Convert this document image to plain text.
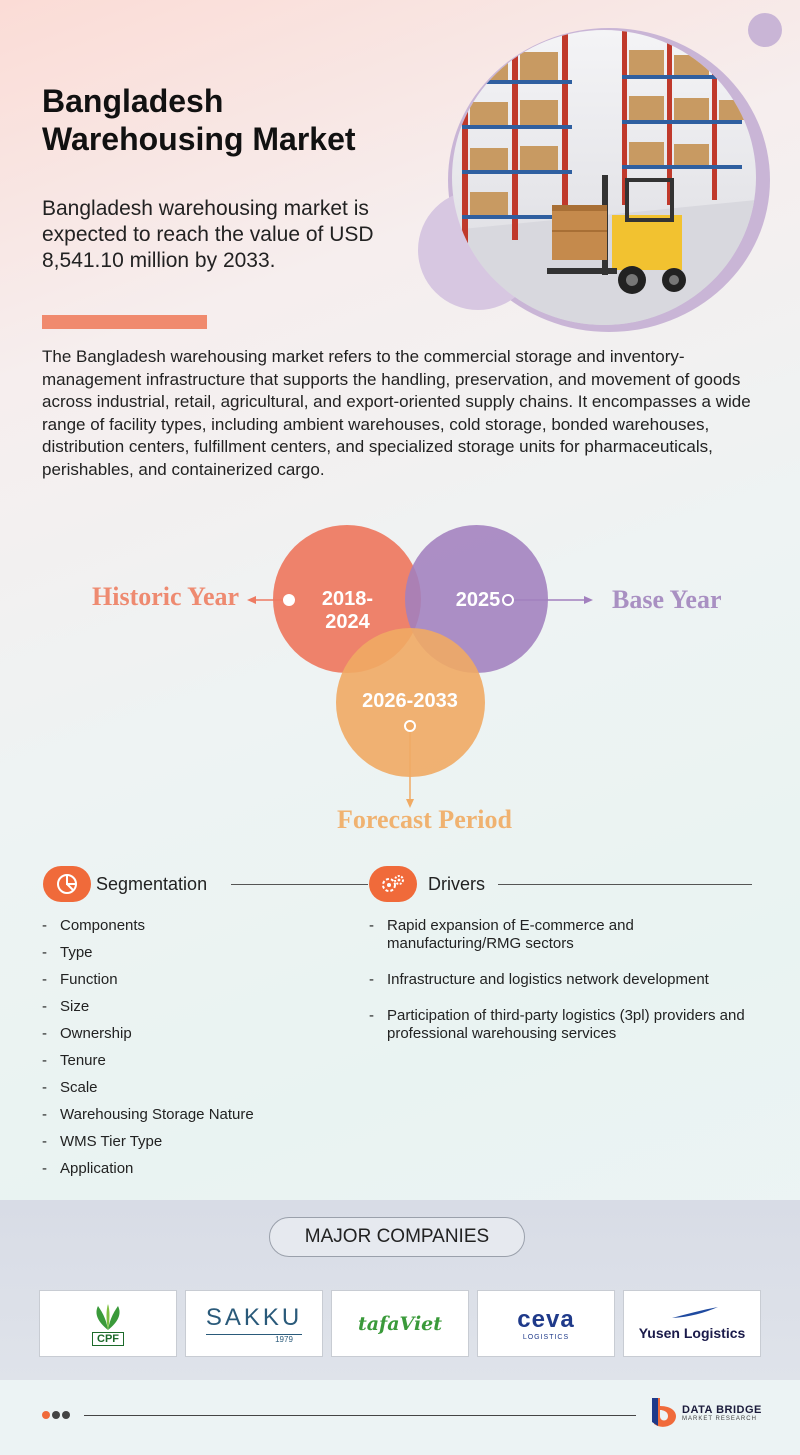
Bangladesh Warehousing Market
Bangladesh warehousing market is expected to reach the value of USD 8,541.10 million by 2033.
The Bangladesh warehousing market refers to the commercial storage and inventory-management infrastructure that supports the handling, preservation, and movement of goods across industrial, retail, agricultural, and export-oriented supply chains. It encompasses a wide range of facility types, including ambient warehouses, cold storage, bonded warehouses, distribution centers, fulfillment centers, and specialized storage units for pharmaceuticals, perishables, and containerized cargo.
2018-2024
2025
2026-2033
Historic Year	Base Year
Forecast Period
Segmentation	Drivers
- Components
- Type
- Function
- Size
- Ownership
- Tenure
- Scale
- Warehousing Storage Nature
- WMS Tier Type
- Application
- Rapid expansion of E-commerce and manufacturing/RMG sectors
- Infrastructure and logistics network development
- Participation of third-party logistics (3pl) providers and professional warehousing services
MAJOR COMPANIES
CPF
SAKKU
1979
tafaViet	ceva
LOGISTICS	Yusen Logistics
DATA BRIDGE
MARKET RESEARCH
